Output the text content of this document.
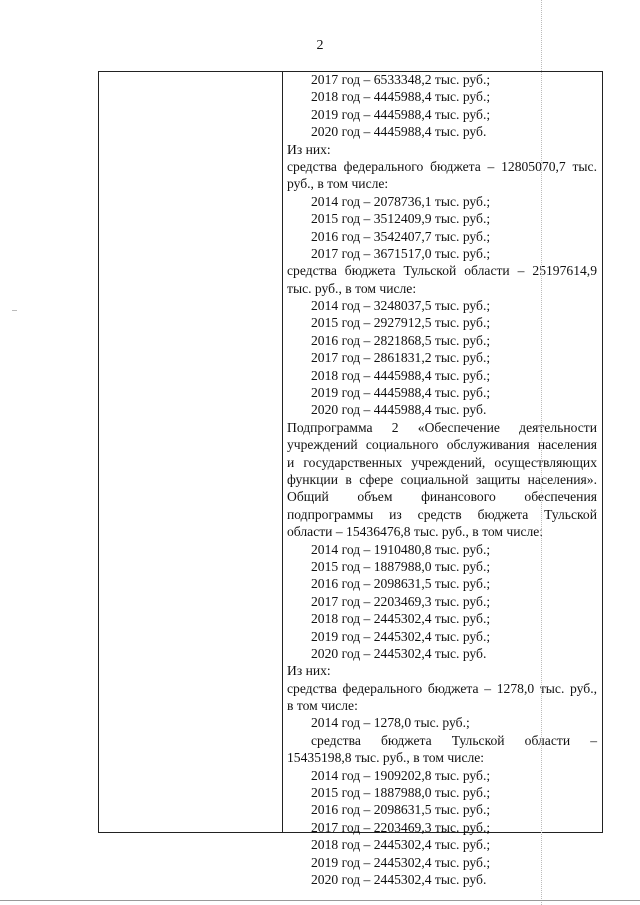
2
2017 год – 6533348,2 тыс. руб.;
2018 год – 4445988,4 тыс. руб.;
2019 год – 4445988,4 тыс. руб.;
2020 год – 4445988,4 тыс. руб.
Из них:
средства федерального бюджета – 12805070,7 тыс.
руб., в том числе:
2014 год – 2078736,1 тыс. руб.;
2015 год – 3512409,9 тыс. руб.;
2016 год – 3542407,7 тыс. руб.;
2017 год – 3671517,0 тыс. руб.;
средства бюджета Тульской области – 25197614,9
тыс. руб., в том числе:
2014 год – 3248037,5 тыс. руб.;
2015 год – 2927912,5 тыс. руб.;
2016 год – 2821868,5 тыс. руб.;
2017 год – 2861831,2 тыс. руб.;
2018 год – 4445988,4 тыс. руб.;
2019 год – 4445988,4 тыс. руб.;
2020 год – 4445988,4 тыс. руб.
Подпрограмма 2 «Обеспечение деятельности
учреждений социального обслуживания населения
и государственных учреждений, осуществляющих
функции в сфере социальной защиты населения».
Общий объем финансового обеспечения
подпрограммы из средств бюджета Тульской
области – 15436476,8 тыс. руб., в том числе:
2014 год – 1910480,8 тыс. руб.;
2015 год – 1887988,0 тыс. руб.;
2016 год – 2098631,5 тыс. руб.;
2017 год – 2203469,3 тыс. руб.;
2018 год – 2445302,4 тыс. руб.;
2019 год – 2445302,4 тыс. руб.;
2020 год – 2445302,4 тыс. руб.
Из них:
средства федерального бюджета – 1278,0 тыс. руб.,
в том числе:
2014 год – 1278,0 тыс. руб.;
средства бюджета Тульской области –
15435198,8 тыс. руб., в том числе:
2014 год – 1909202,8 тыс. руб.;
2015 год – 1887988,0 тыс. руб.;
2016 год – 2098631,5 тыс. руб.;
2017 год – 2203469,3 тыс. руб.;
2018 год – 2445302,4 тыс. руб.;
2019 год – 2445302,4 тыс. руб.;
2020 год – 2445302,4 тыс. руб.
